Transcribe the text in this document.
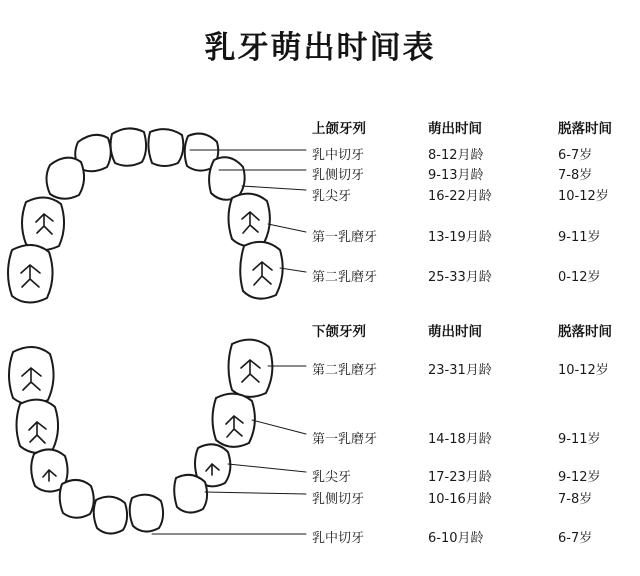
乳牙萌出时间表
上颌牙列	萌出时间	脱落时间
乳中切牙	8-12月龄	6-7岁
乳侧切牙	9-13月龄	7-8岁
乳尖牙	16-22月龄	10-12岁
第一乳磨牙	13-19月龄	9-11岁
第二乳磨牙	25-33月龄	0-12岁
下颌牙列	萌出时间	脱落时间
第二乳磨牙	23-31月龄	10-12岁
第一乳磨牙	14-18月龄	9-11岁
乳尖牙	17-23月龄	9-12岁
乳侧切牙	10-16月龄	7-8岁
乳中切牙	6-10月龄	6-7岁
